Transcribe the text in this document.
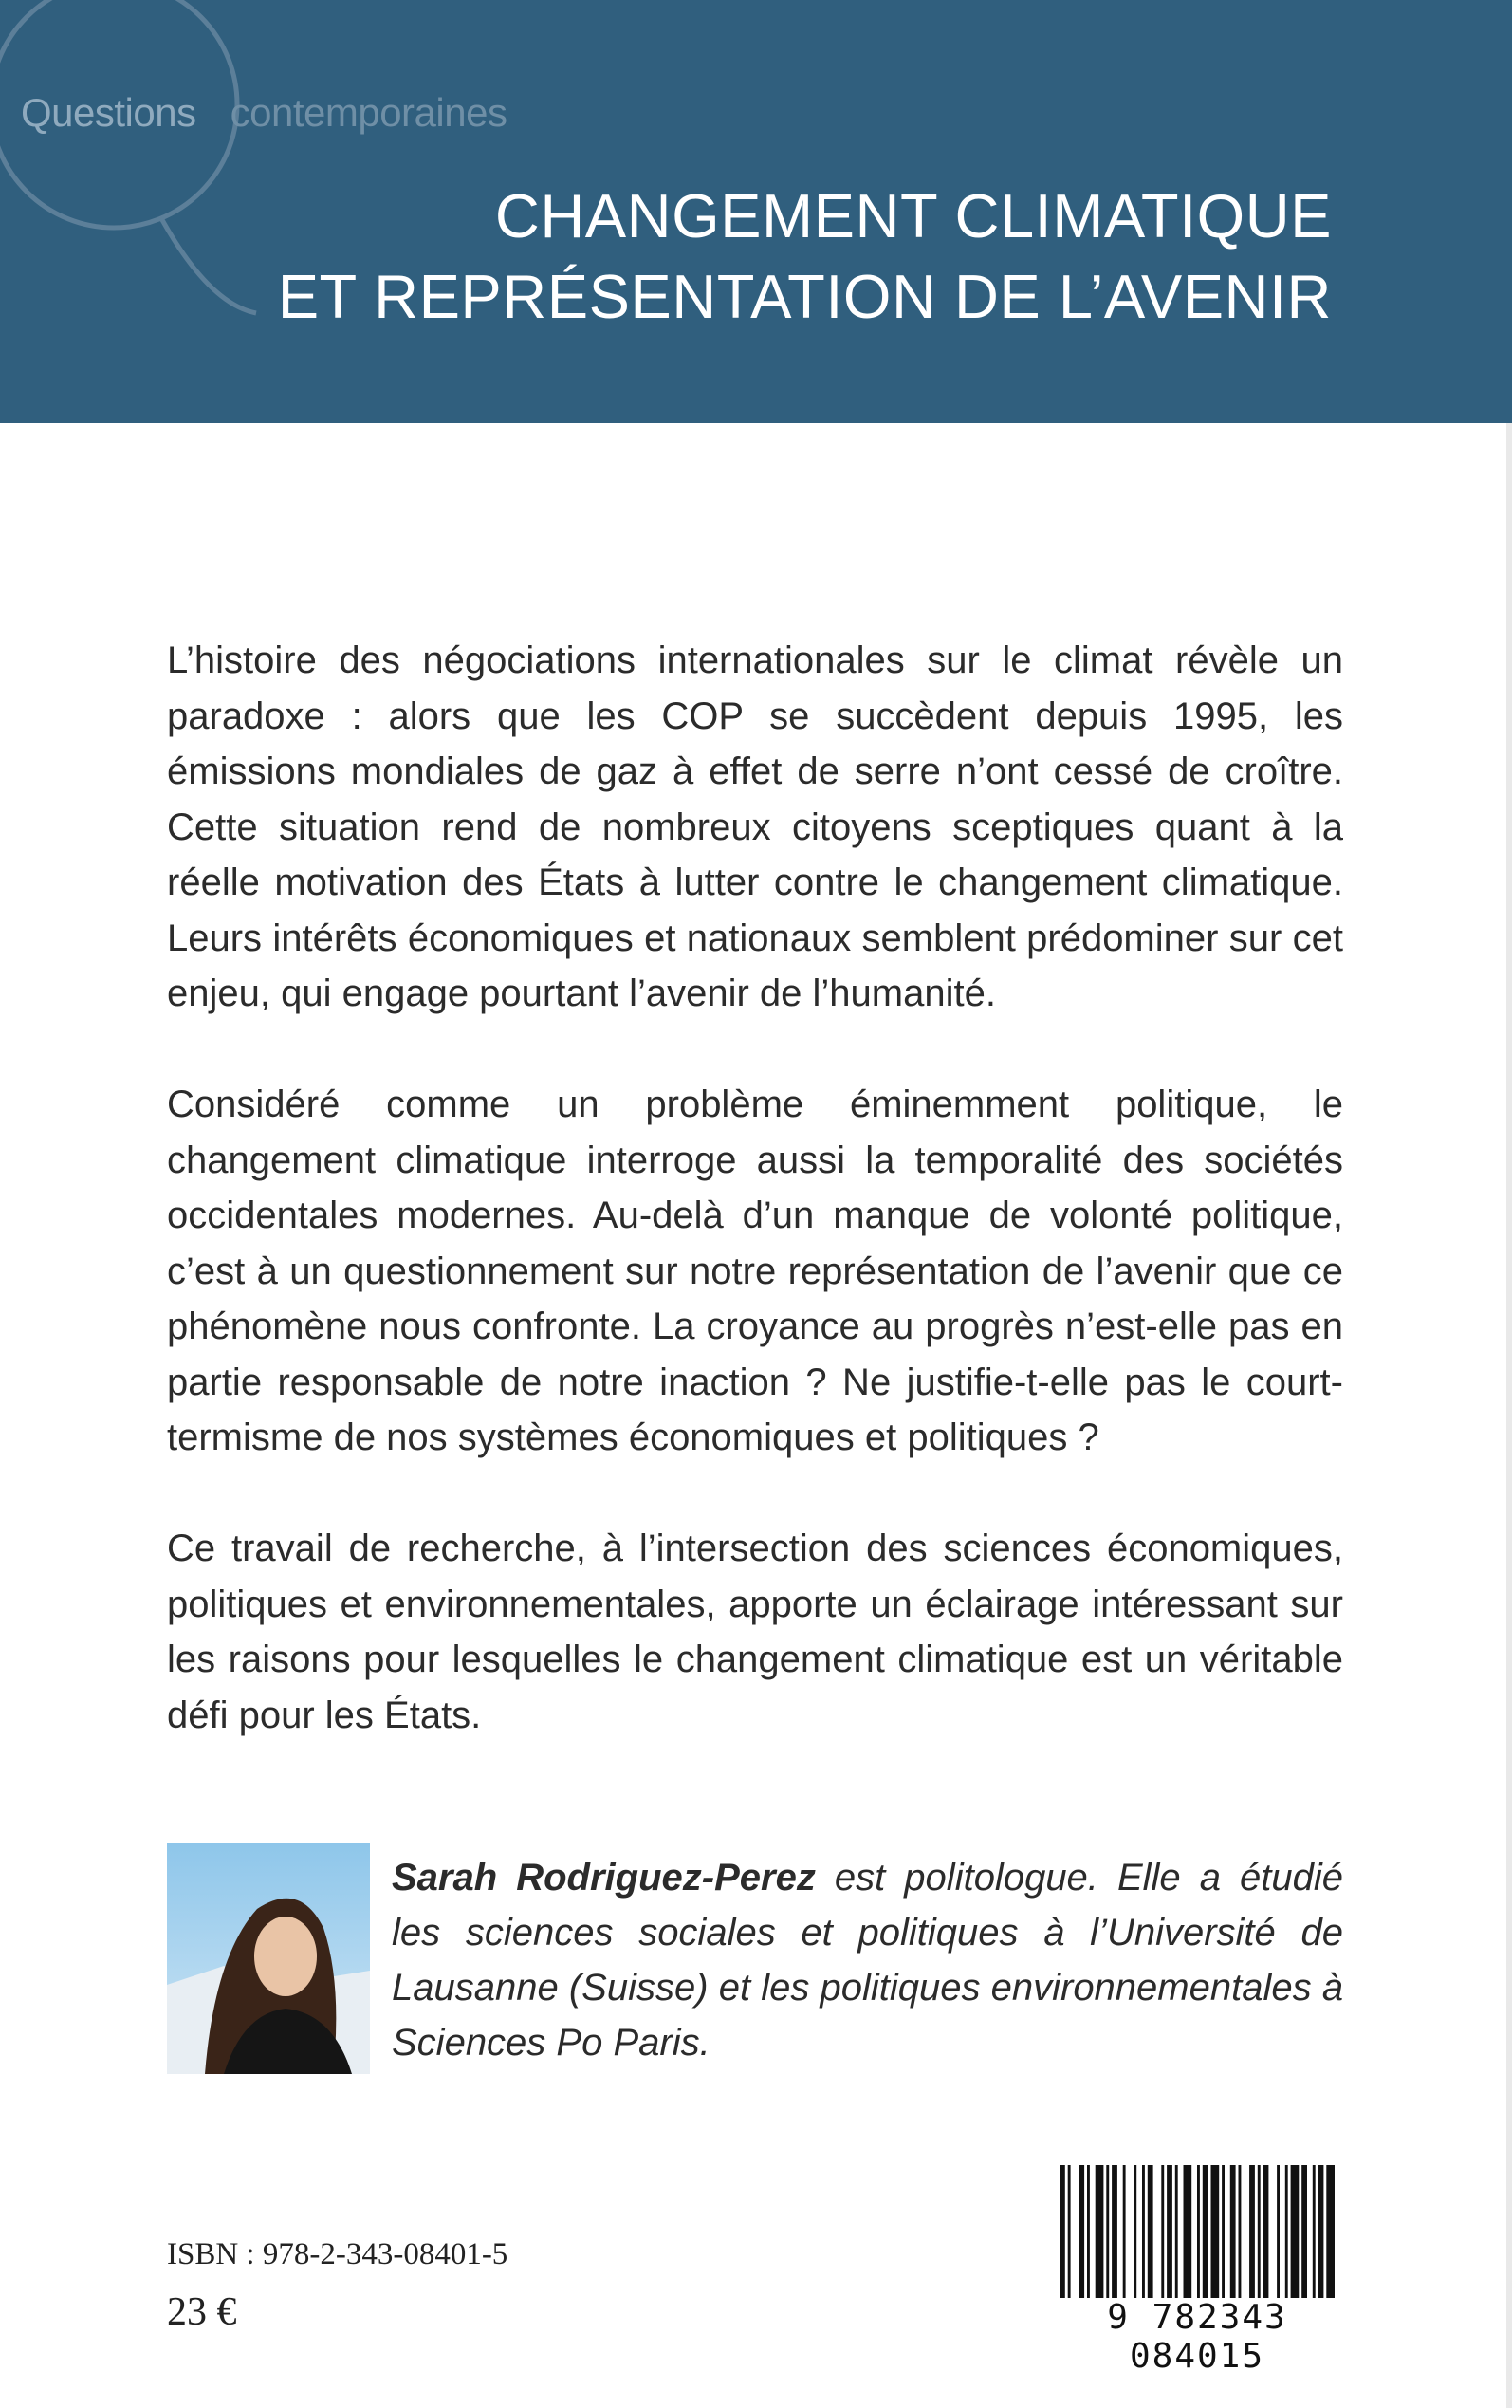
Questions contemporaines
CHANGEMENT CLIMATIQUE
ET REPRÉSENTATION DE L’AVENIR

L’histoire des négociations internationales sur le climat révèle un paradoxe : alors que les COP se succèdent depuis 1995, les émissions mondiales de gaz à effet de serre n’ont cessé de croître. Cette situation rend de nombreux citoyens sceptiques quant à la réelle motivation des États à lutter contre le changement climatique. Leurs intérêts économiques et nationaux semblent prédominer sur cet enjeu, qui engage pourtant l’avenir de l’humanité.

Considéré comme un problème éminemment politique, le changement climatique interroge aussi la temporalité des sociétés occidentales modernes. Au-delà d’un manque de volonté politique, c’est à un questionnement sur notre représentation de l’avenir que ce phénomène nous confronte. La croyance au progrès n’est-elle pas en partie responsable de notre inaction ? Ne justifie-t-elle pas le court-termisme de nos systèmes économiques et politiques ?

Ce travail de recherche, à l’intersection des sciences économiques, politiques et environnementales, apporte un éclairage intéressant sur les raisons pour lesquelles le changement climatique est un véritable défi pour les États.

Sarah Rodriguez-Perez est politologue. Elle a étudié les sciences sociales et politiques à l’Université de Lausanne (Suisse) et les politiques environnementales à Sciences Po Paris.

ISBN : 978-2-343-08401-5
23 €	9 782343 084015
